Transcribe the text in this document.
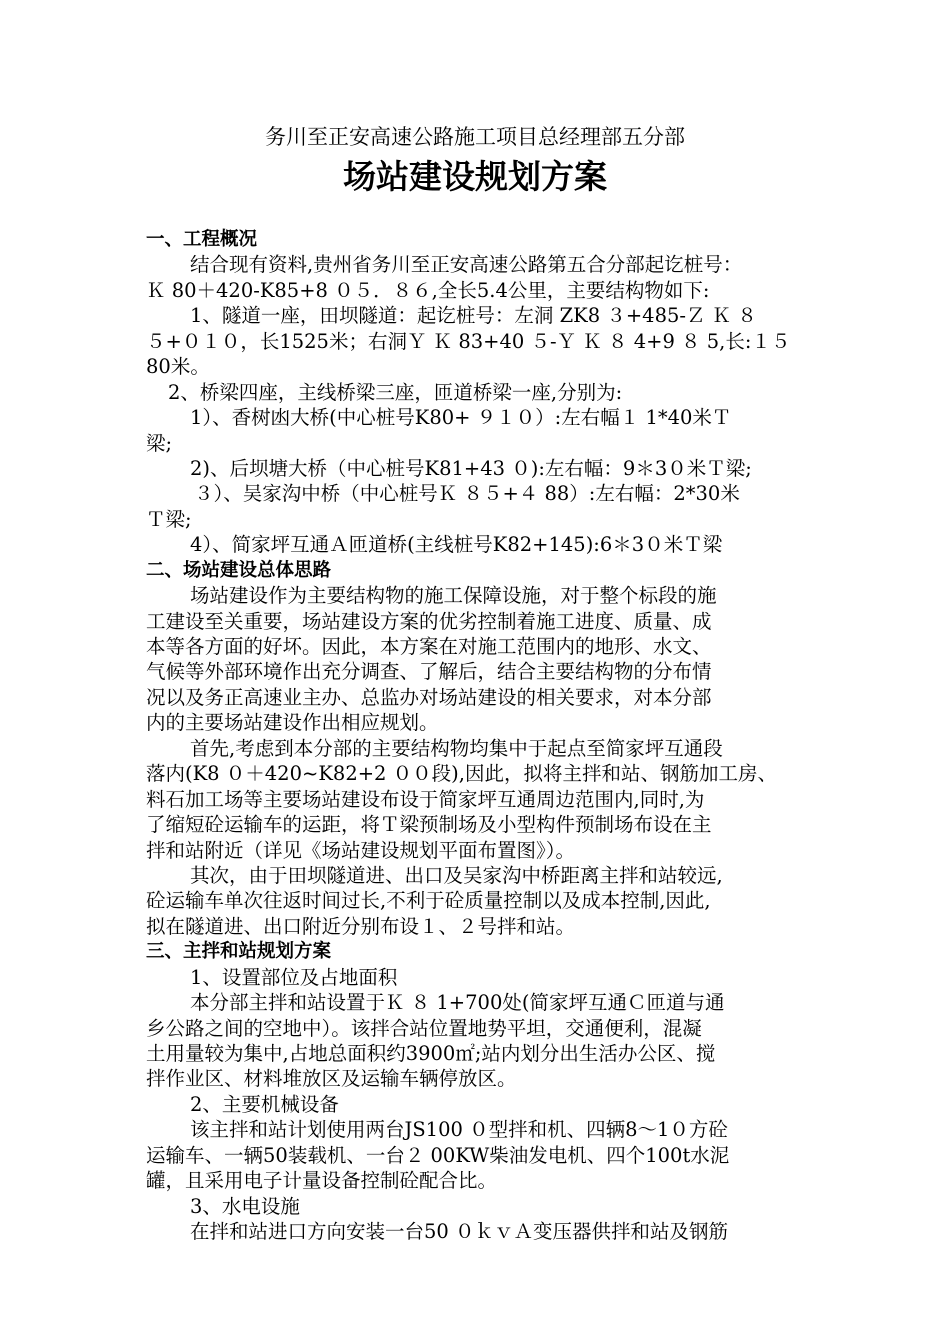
务川至正安高速公路施工项目总经理部五分部
场站建设规划方案
一、工程概况
结合现有资料,贵州省务川至正安高速公路第五合分部起讫桩号：
Ｋ 80＋420-K85+8 ０５．８６,全长5.4公里，主要结构物如下:
1、隧道一座，田坝隧道：起讫桩号：左洞 ZK8 ３+485-Ｚ Ｋ ８
５+０１０，长1525米；右洞Ｙ Ｋ 83+40 ５-Ｙ Ｋ ８ 4+9 ８ 5,长:１５
80米。
2、桥梁四座，主线桥梁三座，匝道桥梁一座,分别为:
1）、香树凼大桥(中心桩号K80+ ９１０）:左右幅１ 1*40米Ｔ
梁;
2)、后坝塘大桥（中心桩号K81+43 ０):左右幅：9＊3０米Ｔ梁;
３）、吴家沟中桥（中心桩号Ｋ ８５+４ 88）:左右幅：2*30米
Ｔ梁;
4）、简家坪互通Ａ匝道桥(主线桩号K82+145):6＊3０米Ｔ梁
二、场站建设总体思路
场站建设作为主要结构物的施工保障设施，对于整个标段的施
工建设至关重要，场站建设方案的优劣控制着施工进度、质量、成
本等各方面的好坏。因此，本方案在对施工范围内的地形、水文、
气候等外部环境作出充分调查、了解后，结合主要结构物的分布情
况以及务正高速业主办、总监办对场站建设的相关要求，对本分部
内的主要场站建设作出相应规划。
首先,考虑到本分部的主要结构物均集中于起点至简家坪互通段
落内(K8 ０＋420~K82+2 ００段),因此，拟将主拌和站、钢筋加工房、
料石加工场等主要场站建设布设于简家坪互通周边范围内,同时,为
了缩短砼运输车的运距，将Ｔ梁预制场及小型构件预制场布设在主
拌和站附近（详见《场站建设规划平面布置图》）。
其次，由于田坝隧道进、出口及吴家沟中桥距离主拌和站较远,
砼运输车单次往返时间过长,不利于砼质量控制以及成本控制,因此,
拟在隧道进、出口附近分别布设１、２号拌和站。
三、主拌和站规划方案
1、设置部位及占地面积
本分部主拌和站设置于Ｋ ８ 1+700处(简家坪互通Ｃ匝道与通
乡公路之间的空地中）。该拌合站位置地势平坦，交通便利，混凝
土用量较为集中,占地总面积约3900㎡;站内划分出生活办公区、搅
拌作业区、材料堆放区及运输车辆停放区。
2、主要机械设备
该主拌和站计划使用两台JS100 ０型拌和机、四辆8～1０方砼
运输车、一辆50装载机、一台２ 00KW柴油发电机、四个100t水泥
罐，且采用电子计量设备控制砼配合比。
3、水电设施
在拌和站进口方向安装一台50 ０ｋｖＡ变压器供拌和站及钢筋
